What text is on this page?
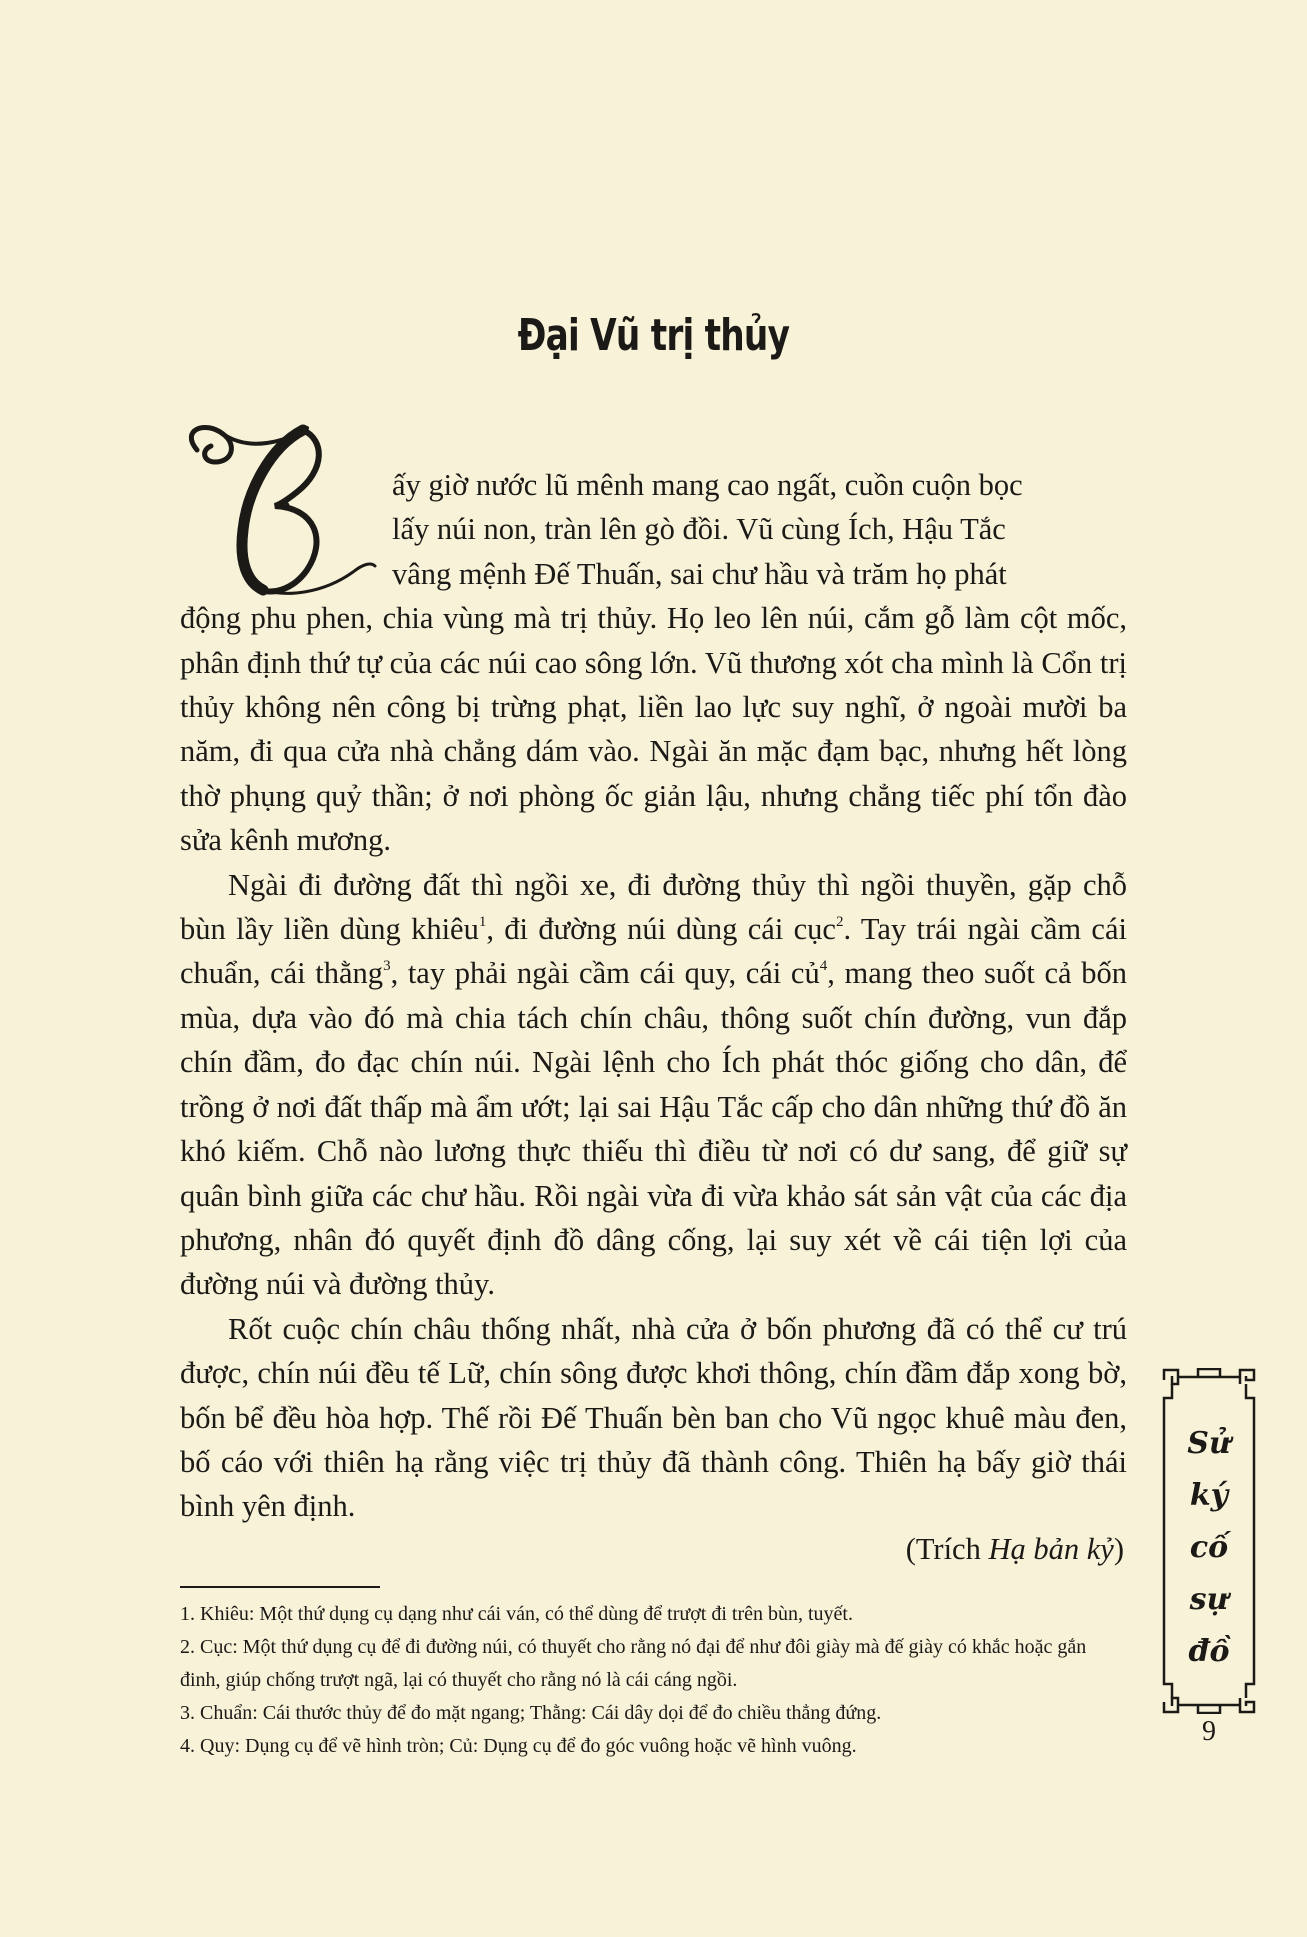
Đại Vũ trị thủy

ấy giờ nước lũ mênh mang cao ngất, cuồn cuộn bọc
lấy núi non, tràn lên gò đồi. Vũ cùng Ích, Hậu Tắc
vâng mệnh Đế Thuấn, sai chư hầu và trăm họ phát
động phu phen, chia vùng mà trị thủy. Họ leo lên núi, cắm gỗ làm cột mốc, phân định thứ tự của các núi cao sông lớn. Vũ thương xót cha mình là Cổn trị thủy không nên công bị trừng phạt, liền lao lực suy nghĩ, ở ngoài mười ba năm, đi qua cửa nhà chẳng dám vào. Ngài ăn mặc đạm bạc, nhưng hết lòng thờ phụng quỷ thần; ở nơi phòng ốc giản lậu, nhưng chẳng tiếc phí tổn đào sửa kênh mương.

Ngài đi đường đất thì ngồi xe, đi đường thủy thì ngồi thuyền, gặp chỗ bùn lầy liền dùng khiêu$^1$, đi đường núi dùng cái cục$^2$. Tay trái ngài cầm cái chuẩn, cái thằng$^3$, tay phải ngài cầm cái quy, cái củ$^4$, mang theo suốt cả bốn mùa, dựa vào đó mà chia tách chín châu, thông suốt chín đường, vun đắp chín đầm, đo đạc chín núi. Ngài lệnh cho Ích phát thóc giống cho dân, để trồng ở nơi đất thấp mà ẩm ướt; lại sai Hậu Tắc cấp cho dân những thứ đồ ăn khó kiếm. Chỗ nào lương thực thiếu thì điều từ nơi có dư sang, để giữ sự quân bình giữa các chư hầu. Rồi ngài vừa đi vừa khảo sát sản vật của các địa phương, nhân đó quyết định đồ dâng cống, lại suy xét về cái tiện lợi của đường núi và đường thủy.

Rốt cuộc chín châu thống nhất, nhà cửa ở bốn phương đã có thể cư trú được, chín núi đều tế Lữ, chín sông được khơi thông, chín đầm đắp xong bờ, bốn bể đều hòa hợp. Thế rồi Đế Thuấn bèn ban cho Vũ ngọc khuê màu đen, bố cáo với thiên hạ rằng việc trị thủy đã thành công. Thiên hạ bấy giờ thái bình yên định.

(Trích Hạ bản kỷ)

1. Khiêu: Một thứ dụng cụ dạng như cái ván, có thể dùng để trượt đi trên bùn, tuyết.

2. Cục: Một thứ dụng cụ để đi đường núi, có thuyết cho rằng nó đại để như đôi giày mà đế giày có khắc hoặc gắn đinh, giúp chống trượt ngã, lại có thuyết cho rằng nó là cái cáng ngồi.

3. Chuẩn: Cái thước thủy để đo mặt ngang; Thằng: Cái dây dọi để đo chiều thẳng đứng.

4. Quy: Dụng cụ để vẽ hình tròn; Củ: Dụng cụ để đo góc vuông hoặc vẽ hình vuông.

Sử
ký
cố
sự
đồ
9
